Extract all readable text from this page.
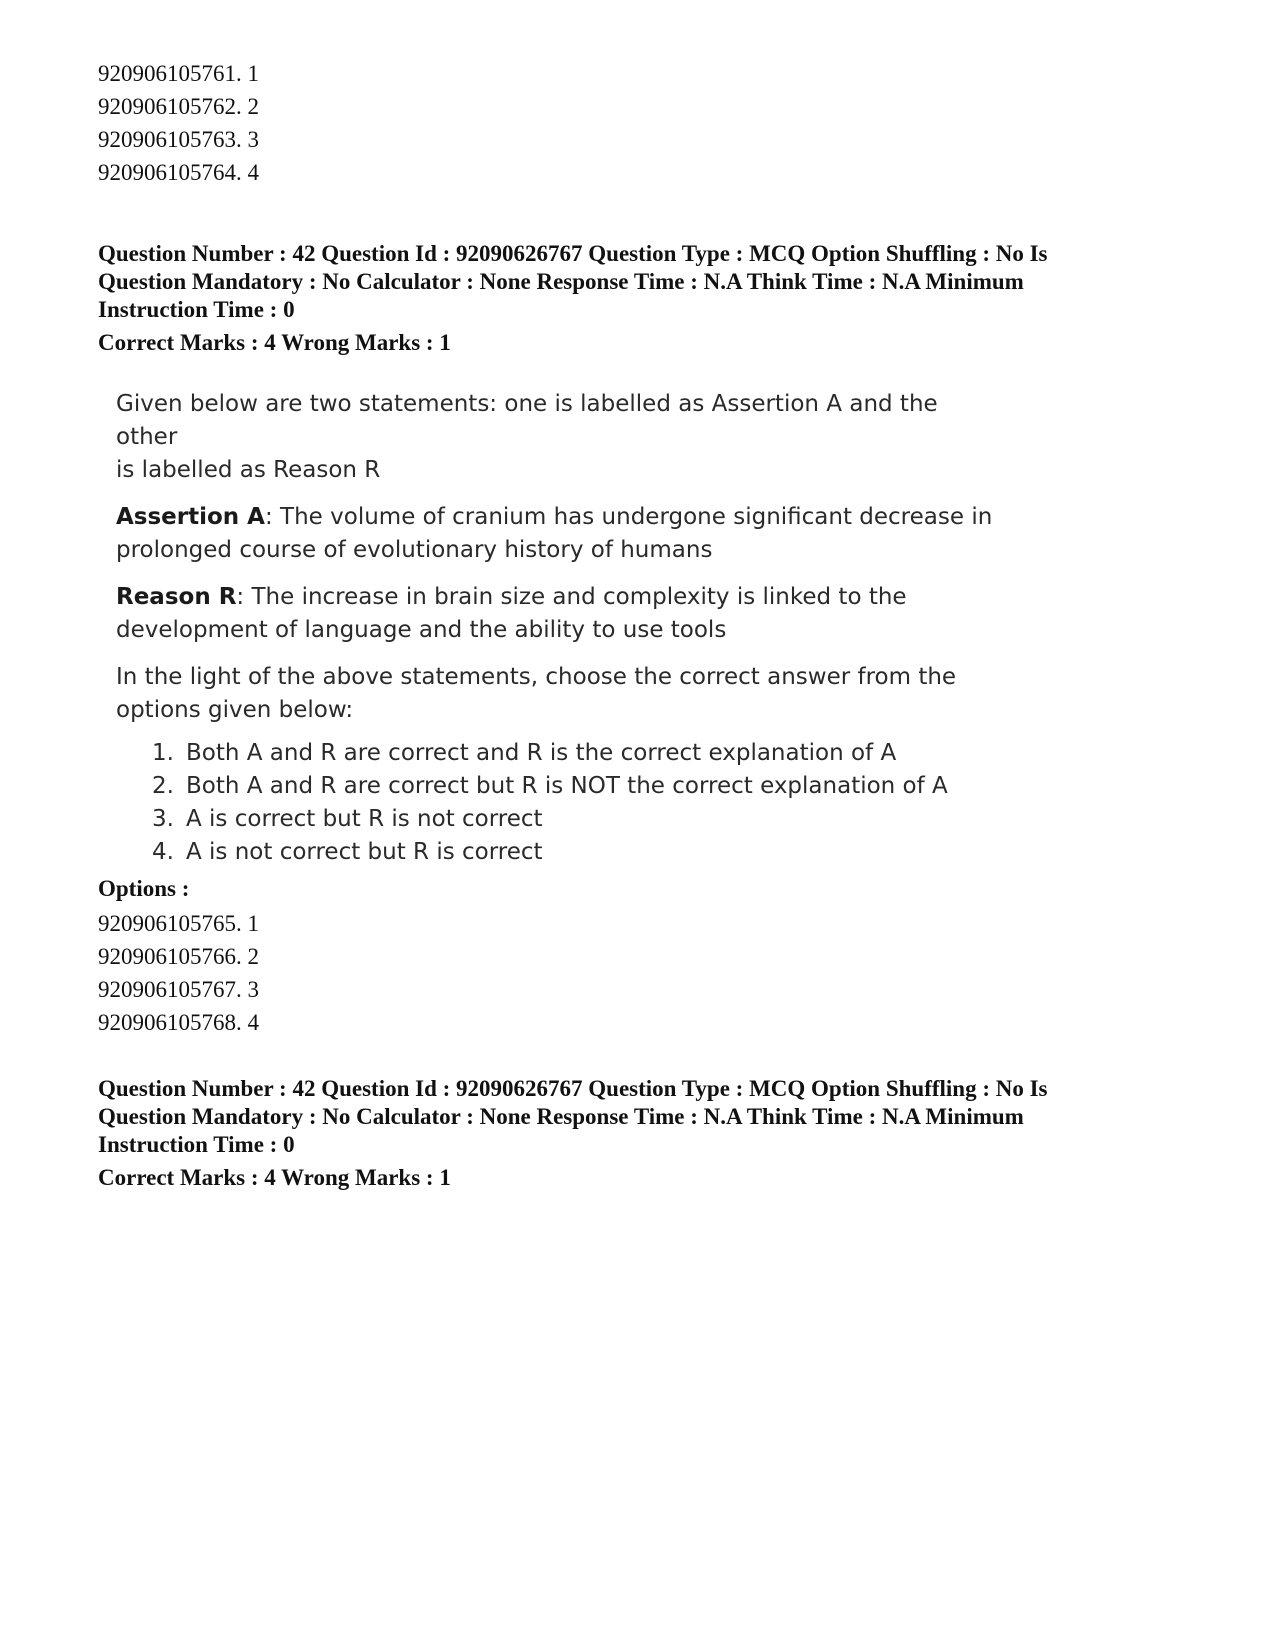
920906105761. 1
920906105762. 2
920906105763. 3
920906105764. 4
Question Number : 42 Question Id : 92090626767 Question Type : MCQ Option Shuffling : No Is
Question Mandatory : No Calculator : None Response Time : N.A Think Time : N.A Minimum
Instruction Time : 0
Correct Marks : 4 Wrong Marks : 1

Given below are two statements: one is labelled as Assertion A and the other
is labelled as Reason R

Assertion A: The volume of cranium has undergone significant decrease in
prolonged course of evolutionary history of humans

Reason R: The increase in brain size and complexity is linked to the
development of language and the ability to use tools

In the light of the above statements, choose the correct answer from the
options given below:

1. Both A and R are correct and R is the correct explanation of A
2. Both A and R are correct but R is NOT the correct explanation of A
3. A is correct but R is not correct
4. A is not correct but R is correct
Options :
920906105765. 1
920906105766. 2
920906105767. 3
920906105768. 4
Question Number : 42 Question Id : 92090626767 Question Type : MCQ Option Shuffling : No Is
Question Mandatory : No Calculator : None Response Time : N.A Think Time : N.A Minimum
Instruction Time : 0
Correct Marks : 4 Wrong Marks : 1
